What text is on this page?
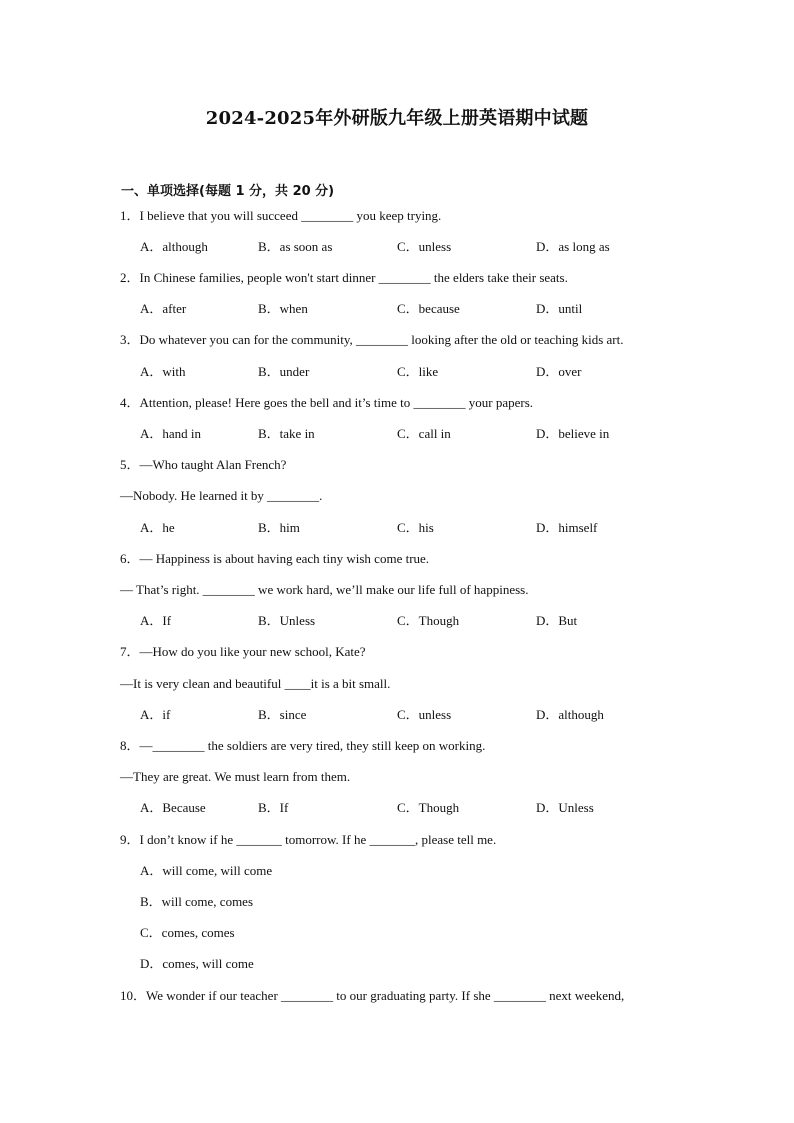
2024-2025年外研版九年级上册英语期中试题
一、单项选择(每题 1 分，共 20 分)
1．I believe that you will succeed ________ you keep trying.
A．although	B．as soon as	C．unless	D．as long as
2．In Chinese families, people won't start dinner ________ the elders take their seats.
A．after	B．when	C．because	D．until
3．Do whatever you can for the community, ________ looking after the old or teaching kids art.
A．with	B．under	C．like	D．over
4．Attention, please! Here goes the bell and it’s time to ________ your papers.
A．hand in	B．take in	C．call in	D．believe in
5．—Who taught Alan French?
—Nobody. He learned it by ________.
A．he	B．him	C．his	D．himself
6．— Happiness is about having each tiny wish come true.
— That’s right. ________ we work hard, we’ll make our life full of happiness.
A．If	B．Unless	C．Though	D．But
7．—How do you like your new school, Kate?
—It is very clean and beautiful ____it is a bit small.
A．if	B．since	C．unless	D．although
8．—________ the soldiers are very tired, they still keep on working.
—They are great. We must learn from them.
A．Because	B．If	C．Though	D．Unless
9．I don’t know if he _______ tomorrow. If he _______, please tell me.
A．will come, will come
B．will come, comes
C．comes, comes
D．comes, will come
10．We wonder if our teacher ________ to our graduating party. If she ________ next weekend,
